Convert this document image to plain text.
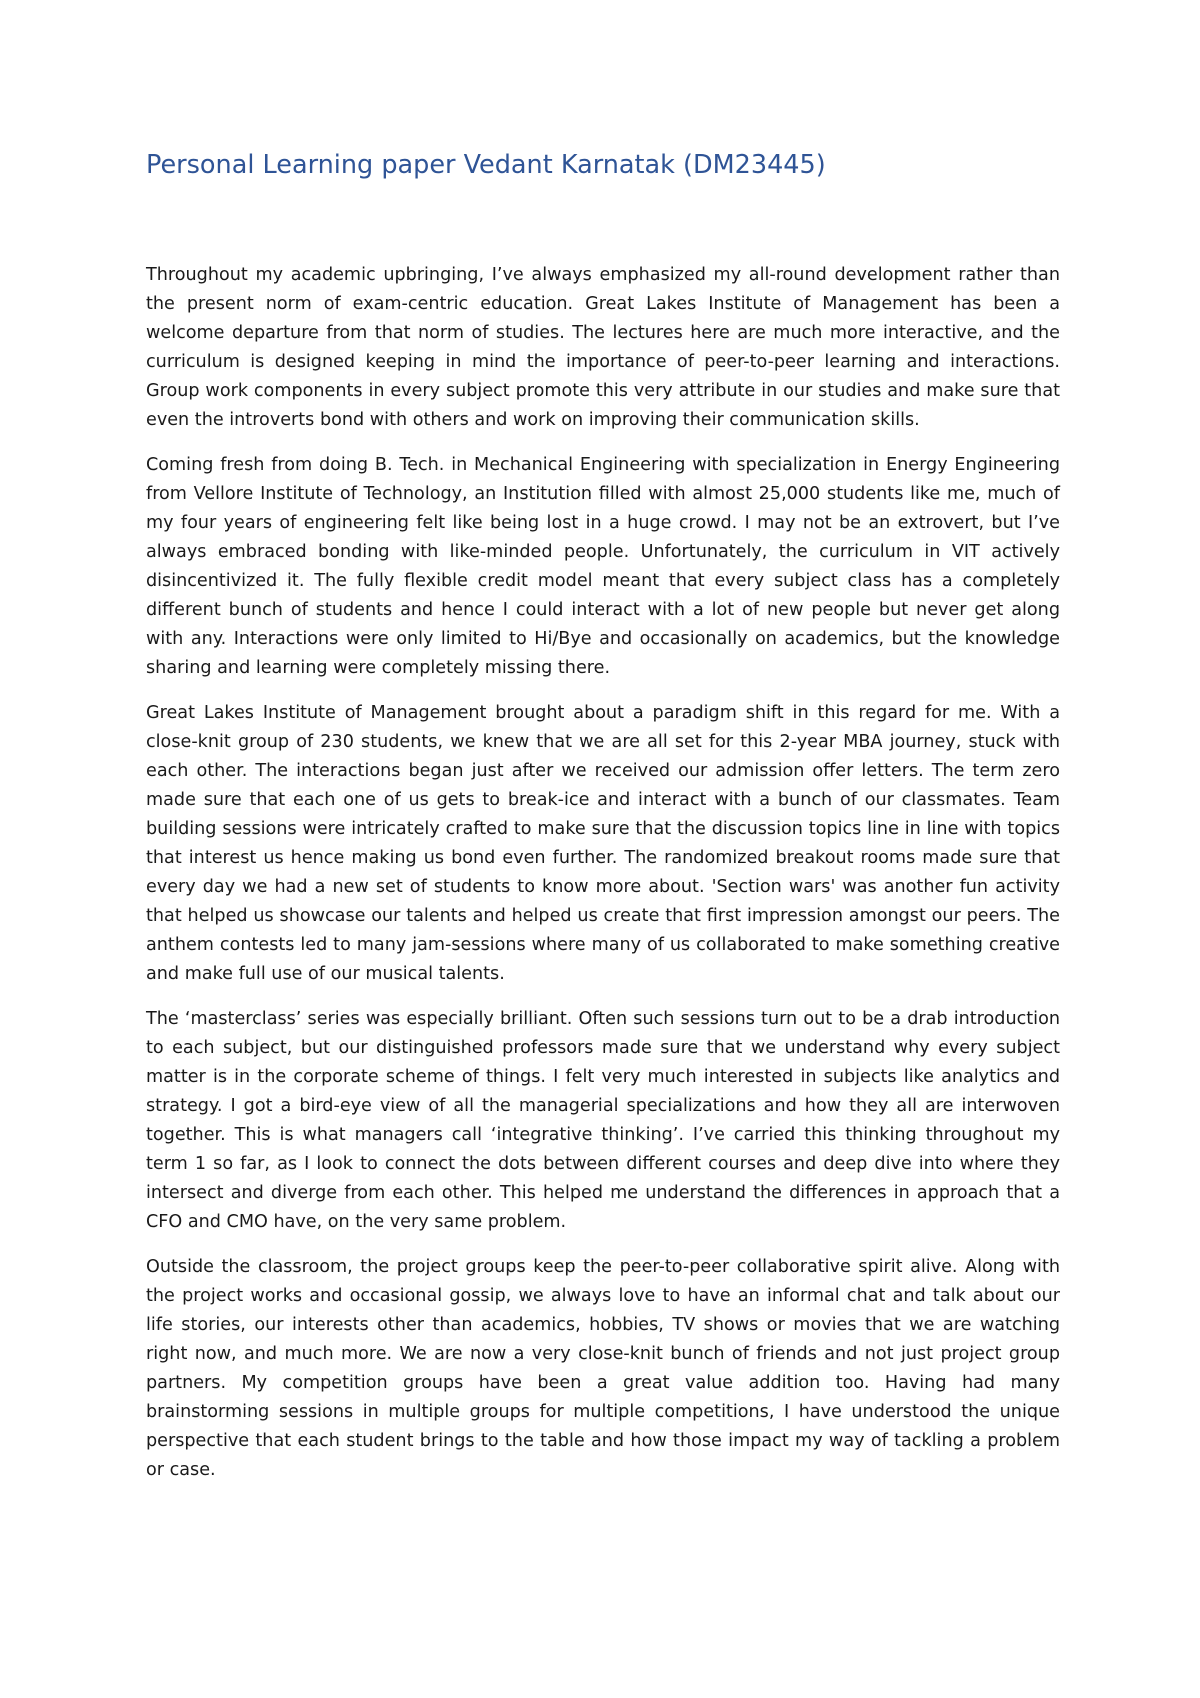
Personal Learning paper Vedant Karnatak (DM23445)

Throughout my academic upbringing, I’ve always emphasized my all-round development rather than the present norm of exam-centric education. Great Lakes Institute of Management has been a welcome departure from that norm of studies. The lectures here are much more interactive, and the curriculum is designed keeping in mind the importance of peer-to-peer learning and interactions. Group work components in every subject promote this very attribute in our studies and make sure that even the introverts bond with others and work on improving their communication skills.

Coming fresh from doing B. Tech. in Mechanical Engineering with specialization in Energy Engineering from Vellore Institute of Technology, an Institution filled with almost 25,000 students like me, much of my four years of engineering felt like being lost in a huge crowd. I may not be an extrovert, but I’ve always embraced bonding with like-minded people. Unfortunately, the curriculum in VIT actively disincentivized it. The fully flexible credit model meant that every subject class has a completely different bunch of students and hence I could interact with a lot of new people but never get along with any. Interactions were only limited to Hi/Bye and occasionally on academics, but the knowledge sharing and learning were completely missing there.

Great Lakes Institute of Management brought about a paradigm shift in this regard for me. With a close-knit group of 230 students, we knew that we are all set for this 2-year MBA journey, stuck with each other. The interactions began just after we received our admission offer letters. The term zero made sure that each one of us gets to break-ice and interact with a bunch of our classmates. Team building sessions were intricately crafted to make sure that the discussion topics line in line with topics that interest us hence making us bond even further. The randomized breakout rooms made sure that every day we had a new set of students to know more about. 'Section wars' was another fun activity that helped us showcase our talents and helped us create that first impression amongst our peers. The anthem contests led to many jam-sessions where many of us collaborated to make something creative and make full use of our musical talents.

The ‘masterclass’ series was especially brilliant. Often such sessions turn out to be a drab introduction to each subject, but our distinguished professors made sure that we understand why every subject matter is in the corporate scheme of things. I felt very much interested in subjects like analytics and strategy. I got a bird-eye view of all the managerial specializations and how they all are interwoven together. This is what managers call ‘integrative thinking’. I’ve carried this thinking throughout my term 1 so far, as I look to connect the dots between different courses and deep dive into where they intersect and diverge from each other. This helped me understand the differences in approach that a CFO and CMO have, on the very same problem.

Outside the classroom, the project groups keep the peer-to-peer collaborative spirit alive. Along with the project works and occasional gossip, we always love to have an informal chat and talk about our life stories, our interests other than academics, hobbies, TV shows or movies that we are watching right now, and much more. We are now a very close-knit bunch of friends and not just project group partners. My competition groups have been a great value addition too. Having had many brainstorming sessions in multiple groups for multiple competitions, I have understood the unique perspective that each student brings to the table and how those impact my way of tackling a problem or case.
